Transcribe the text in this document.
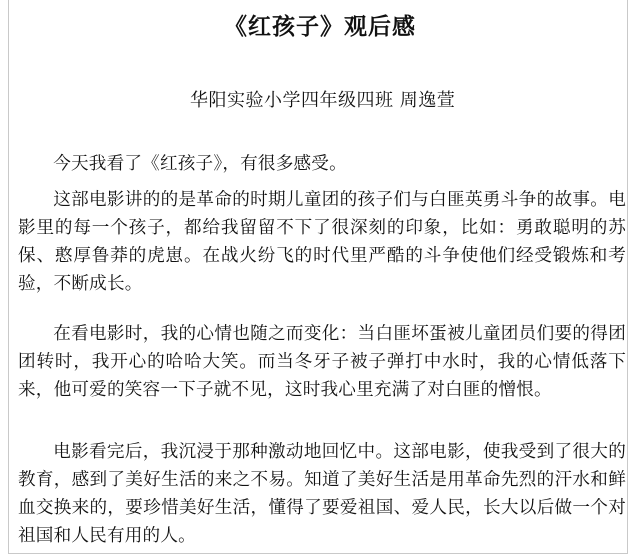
《红孩子》观后感
华阳实验小学四年级四班 周逸萱

今天我看了《红孩子》，有很多感受。

这部电影讲的的是革命的时期儿童团的孩子们与白匪英勇斗争的故事。电影里的每一个孩子，都给我留留不下了很深刻的印象，比如：勇敢聪明的苏保、憨厚鲁莽的虎崽。在战火纷飞的时代里严酷的斗争使他们经受锻炼和考验，不断成长。

在看电影时，我的心情也随之而变化：当白匪坏蛋被儿童团员们要的得团团转时，我开心的哈哈大笑。而当冬牙子被子弹打中水时，我的心情低落下来，他可爱的笑容一下子就不见，这时我心里充满了对白匪的憎恨。

电影看完后，我沉浸于那种激动地回忆中。这部电影，使我受到了很大的教育，感到了美好生活的来之不易。知道了美好生活是用革命先烈的汗水和鲜血交换来的，要珍惜美好生活，懂得了要爱祖国、爱人民，长大以后做一个对祖国和人民有用的人。
